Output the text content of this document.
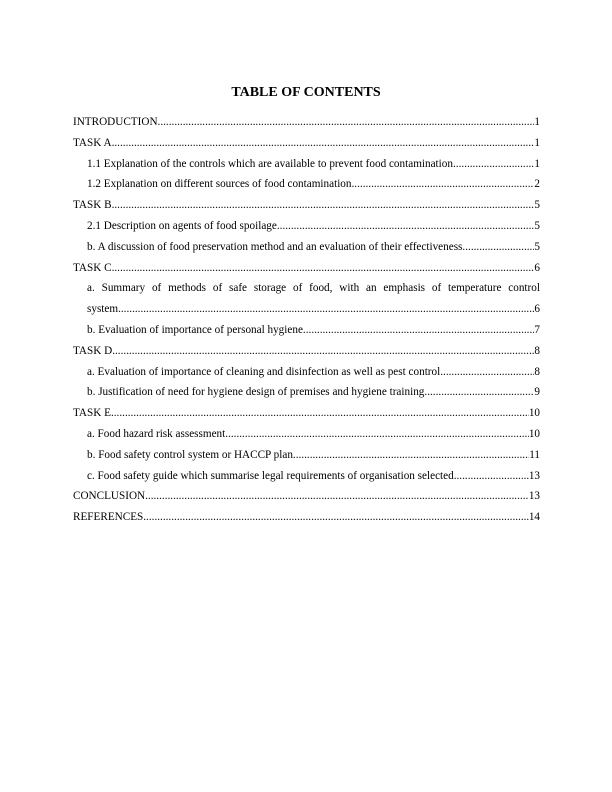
TABLE OF CONTENTS
INTRODUCTION .....	1
TASK A .....	1
1.1 Explanation of the controls which are available to prevent food contamination .....	1
1.2 Explanation on different sources of food contamination .....	2
TASK B .....	5
2.1 Description on agents of food spoilage .....	5
b. A discussion of food preservation method and an evaluation of their effectiveness .....	5
TASK C .....	6
a. Summary of methods of safe storage of food, with an emphasis of temperature control
system .....	6
b. Evaluation of importance of personal hygiene .....	7
TASK D .....	8
a. Evaluation of importance of cleaning and disinfection as well as pest control .....	8
b. Justification of need for hygiene design of premises and hygiene training .....	9
TASK E .....	10
a. Food hazard risk assessment .....	10
b. Food safety control system or HACCP plan .....	11
c. Food safety guide which summarise legal requirements of organisation selected .....	13
CONCLUSION .....	13
REFERENCES .....	14
